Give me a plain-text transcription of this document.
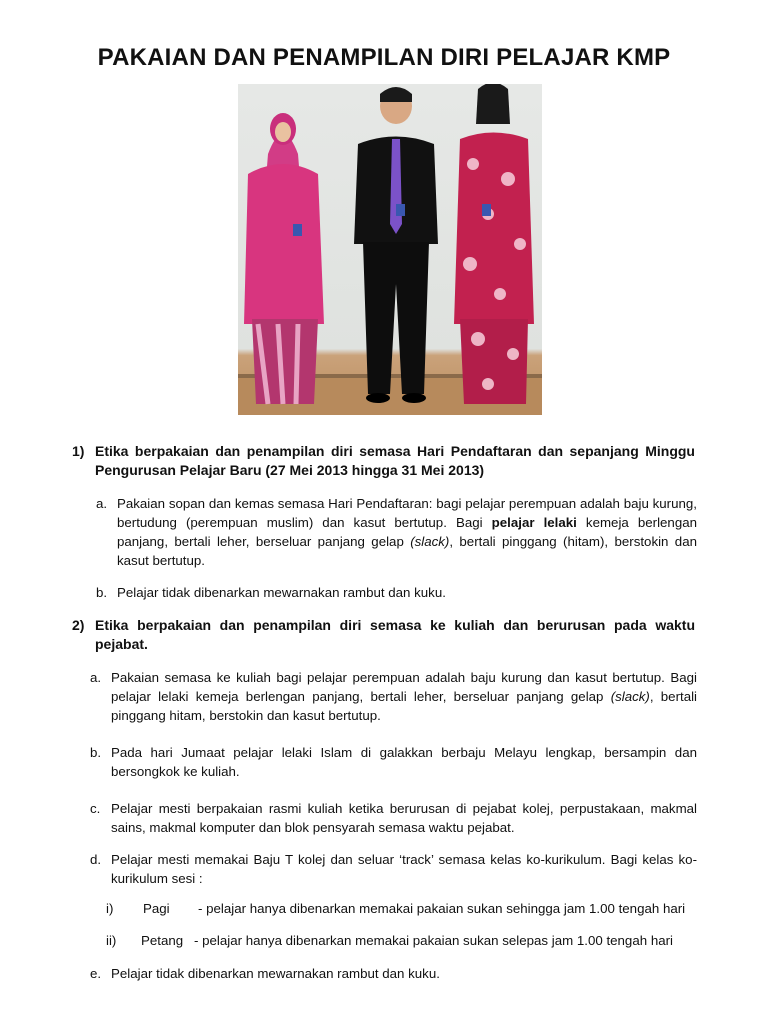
PAKAIAN DAN PENAMPILAN DIRI PELAJAR KMP
1) Etika berpakaian dan penampilan diri semasa Hari Pendaftaran dan sepanjang Minggu Pengurusan Pelajar Baru (27 Mei 2013 hingga 31 Mei 2013)
a. Pakaian sopan dan kemas semasa Hari Pendaftaran: bagi pelajar perempuan adalah baju kurung, bertudung (perempuan muslim) dan kasut bertutup. Bagi pelajar lelaki kemeja berlengan panjang, bertali leher, berseluar panjang gelap (slack), bertali pinggang (hitam), berstokin dan kasut bertutup.
b. Pelajar tidak dibenarkan mewarnakan rambut dan kuku.
2) Etika berpakaian dan penampilan diri semasa ke kuliah dan berurusan pada waktu pejabat.
a. Pakaian semasa ke kuliah bagi pelajar perempuan adalah baju kurung dan kasut bertutup. Bagi pelajar lelaki kemeja berlengan panjang, bertali leher, berseluar panjang gelap (slack), bertali pinggang hitam, berstokin dan kasut bertutup.
b. Pada hari Jumaat pelajar lelaki Islam di galakkan berbaju Melayu lengkap, bersampin dan bersongkok ke kuliah.
c. Pelajar mesti berpakaian rasmi kuliah ketika berurusan di pejabat kolej, perpustakaan, makmal sains, makmal komputer dan blok pensyarah semasa waktu pejabat.
d. Pelajar mesti memakai Baju T kolej dan seluar ‘track’ semasa kelas ko-kurikulum. Bagi kelas ko-kurikulum sesi :
i) Pagi - pelajar hanya dibenarkan memakai pakaian sukan sehingga jam 1.00 tengah hari
ii) Petang - pelajar hanya dibenarkan memakai pakaian sukan selepas jam 1.00 tengah hari
e. Pelajar tidak dibenarkan mewarnakan rambut dan kuku.
